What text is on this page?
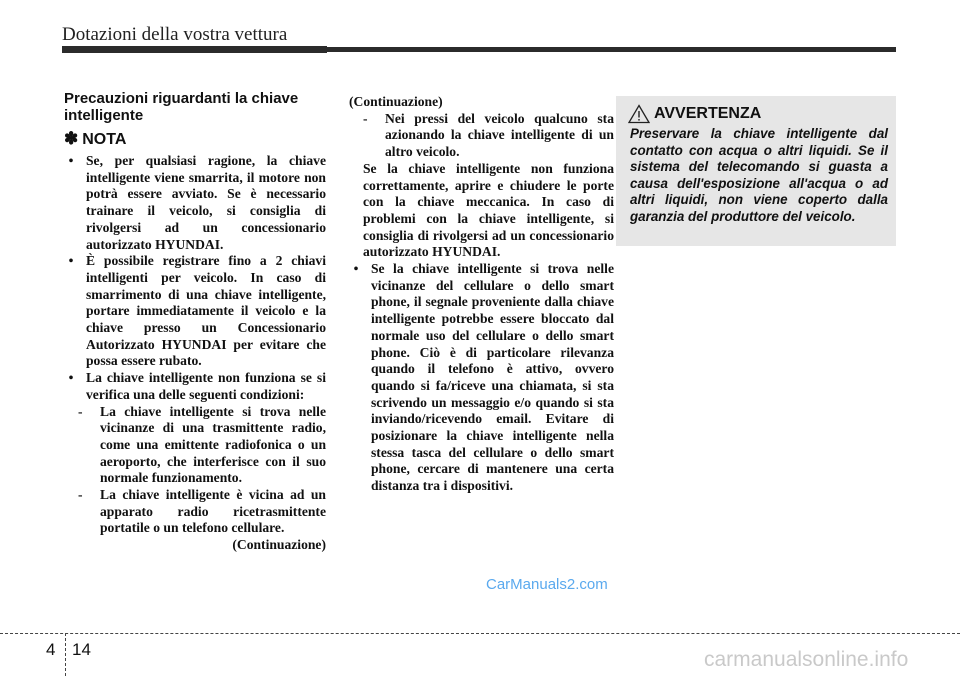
Dotazioni della vostra vettura
Precauzioni riguardanti la chiave intelligente
✽ NOTA

• Se, per qualsiasi ragione, la chiave intelligente viene smarrita, il motore non potrà essere avviato. Se è necessario trainare il veicolo, si consiglia di rivolgersi ad un concessionario autorizzato HYUNDAI.

• È possibile registrare fino a 2 chiavi intelligenti per veicolo. In caso di smarrimento di una chiave intelligente, portare immediatamente il veicolo e la chiave presso un Concessionario Autorizzato HYUNDAI per evitare che possa essere rubato.

• La chiave intelligente non funziona se si verifica una delle seguenti condizioni:

- La chiave intelligente si trova nelle vicinanze di una trasmittente radio, come una emittente radiofonica o un aeroporto, che interferisce con il suo normale funzionamento.

- La chiave intelligente è vicina ad un apparato radio ricetrasmittente portatile o un telefono cellulare.

(Continuazione)

(Continuazione)

- Nei pressi del veicolo qualcuno sta azionando la chiave intelligente di un altro veicolo.

Se la chiave intelligente non funziona correttamente, aprire e chiudere le porte con la chiave meccanica. In caso di problemi con la chiave intelligente, si consiglia di rivolgersi ad un concessionario autorizzato HYUNDAI.

• Se la chiave intelligente si trova nelle vicinanze del cellulare o dello smart phone, il segnale proveniente dalla chiave intelligente potrebbe essere bloccato dal normale uso del cellulare o dello smart phone. Ciò è di particolare rilevanza quando il telefono è attivo, ovvero quando si fa/riceve una chiamata, si sta scrivendo un messaggio e/o quando si sta inviando/ricevendo email. Evitare di posizionare la chiave intelligente nella stessa tasca del cellulare o dello smart phone, cercare di mantenere una certa distanza tra i dispositivi.

AVVERTENZA
Preservare la chiave intelligente dal contatto con acqua o altri liquidi. Se il sistema del telecomando si guasta a causa dell'esposizione all'acqua o ad altri liquidi, non viene coperto dalla garanzia del produttore del veicolo.
CarManuals2.com
4 14	carmanualsonline.info
